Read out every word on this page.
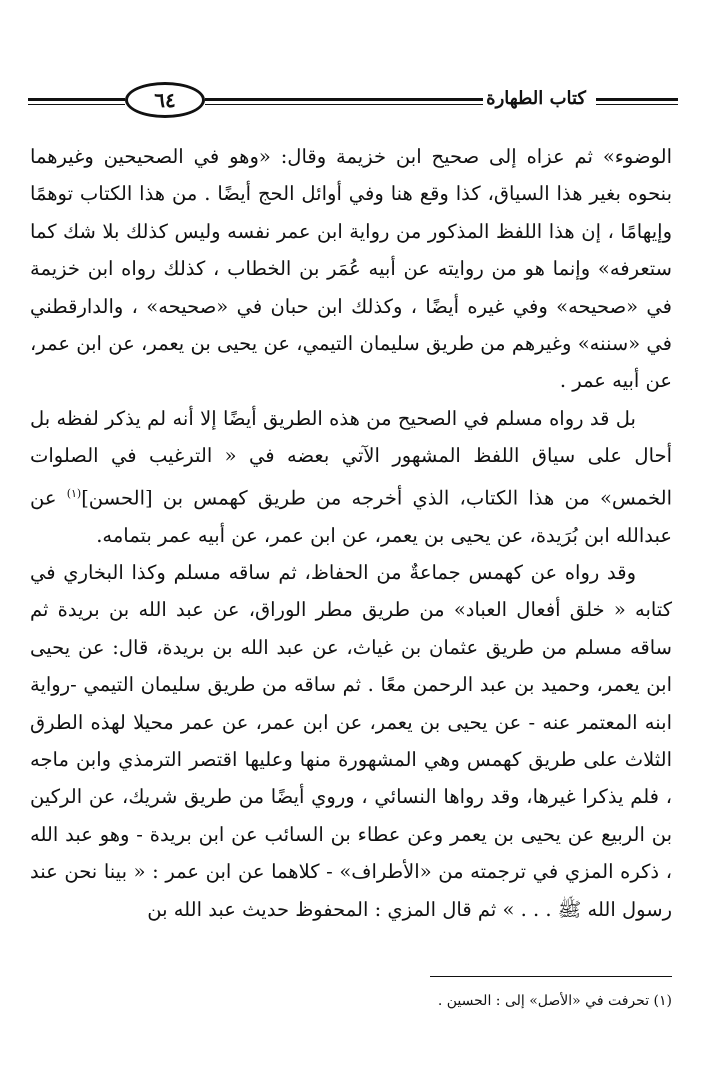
٦٤	كتاب الطهارة

الوضوء» ثم عزاه إلى صحيح ابن خزيمة وقال: «وهو في الصحيحين وغيرهما بنحوه بغير هذا السياق، كذا وقع هنا وفي أوائل الحج أيضًا . من هذا الكتاب توهمًا وإيهامًا ، إن هذا اللفظ المذكور من رواية ابن عمر نفسه وليس كذلك بلا شك كما ستعرفه» وإنما هو من روايته عن أبيه عُمَر بن الخطاب ، كذلك رواه ابن خزيمة في «صحيحه» وفي غيره أيضًا ، وكذلك ابن حبان في «صحيحه» ، والدارقطني في «سننه» وغيرهم من طريق سليمان التيمي، عن يحيى بن يعمر، عن ابن عمر، عن أبيه عمر .

بل قد رواه مسلم في الصحيح من هذه الطريق أيضًا إلا أنه لم يذكر لفظه بل أحال على سياق اللفظ المشهور الآتي بعضه في « الترغيب في الصلوات الخمس» من هذا الكتاب، الذي أخرجه من طريق كهمس بن [الحسن]$^{(١)}$ عن عبدالله ابن بُرَيدة، عن يحيى بن يعمر، عن ابن عمر، عن أبيه عمر بتمامه.

وقد رواه عن كهمس جماعةٌ من الحفاظ، ثم ساقه مسلم وكذا البخاري في كتابه « خلق أفعال العباد» من طريق مطر الوراق، عن عبد الله بن بريدة ثم ساقه مسلم من طريق عثمان بن غياث، عن عبد الله بن بريدة، قال: عن يحيى ابن يعمر، وحميد بن عبد الرحمن معًا . ثم ساقه من طريق سليمان التيمي -رواية ابنه المعتمر عنه - عن يحيى بن يعمر، عن ابن عمر، عن عمر محيلا لهذه الطرق الثلاث على طريق كهمس وهي المشهورة منها وعليها اقتصر الترمذي وابن ماجه ، فلم يذكرا غيرها، وقد رواها النسائي ، وروي أيضًا من طريق شريك، عن الركين بن الربيع عن يحيى بن يعمر وعن عطاء بن السائب عن ابن بريدة - وهو عبد الله ، ذكره المزي في ترجمته من «الأطراف» - كلاهما عن ابن عمر : « بينا نحن عند رسول الله ﷺ . . . » ثم قال المزي : المحفوظ حديث عبد الله بن

(١) تحرفت في «الأصل» إلى : الحسين .
